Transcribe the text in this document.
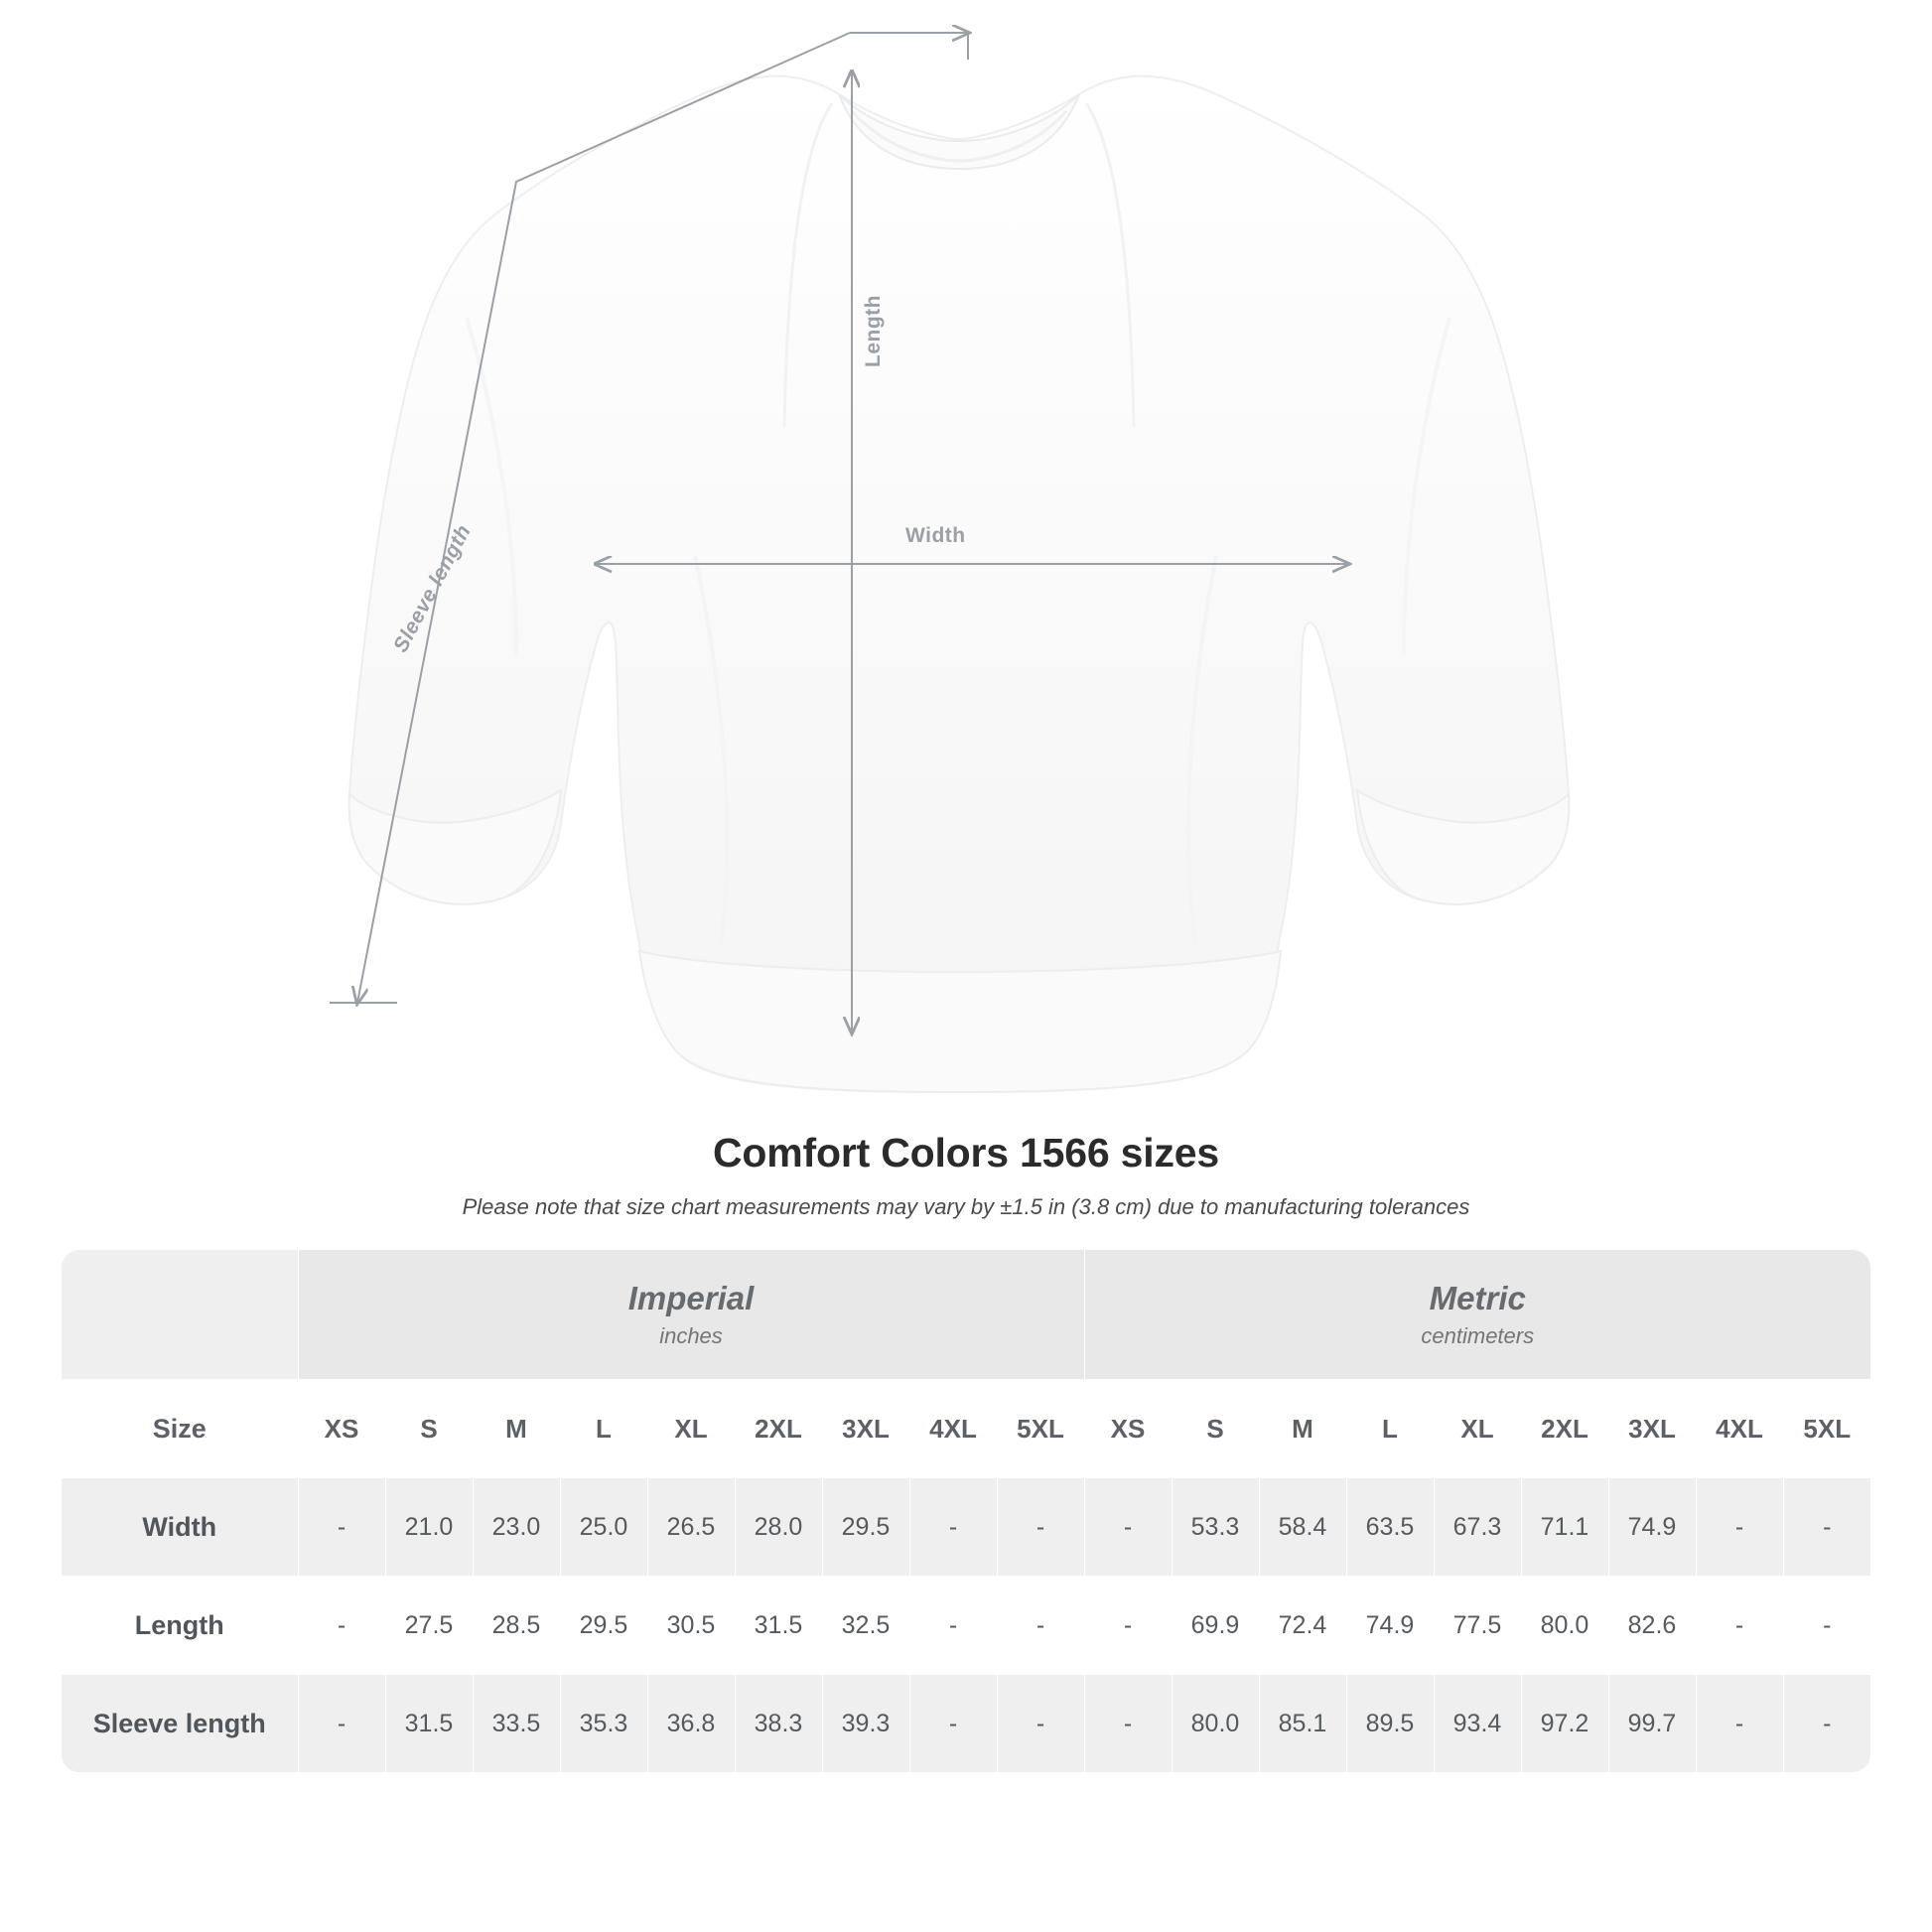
Length
Width
Sleeve length
Comfort Colors 1566 sizes
Please note that size chart measurements may vary by ±1.5 in (3.8 cm) due to manufacturing tolerances

Imperial
inches

Metric
centimeters

Size	XS	S	M	L	XL	2XL	3XL	4XL	5XL	XS	S	M	L	XL	2XL	3XL	4XL	5XL
Width	-	21.0	23.0	25.0	26.5	28.0	29.5	-	-	-	53.3	58.4	63.5	67.3	71.1	74.9	-	-
Length	-	27.5	28.5	29.5	30.5	31.5	32.5	-	-	-	69.9	72.4	74.9	77.5	80.0	82.6	-	-
Sleeve length	-	31.5	33.5	35.3	36.8	38.3	39.3	-	-	-	80.0	85.1	89.5	93.4	97.2	99.7	-	-
